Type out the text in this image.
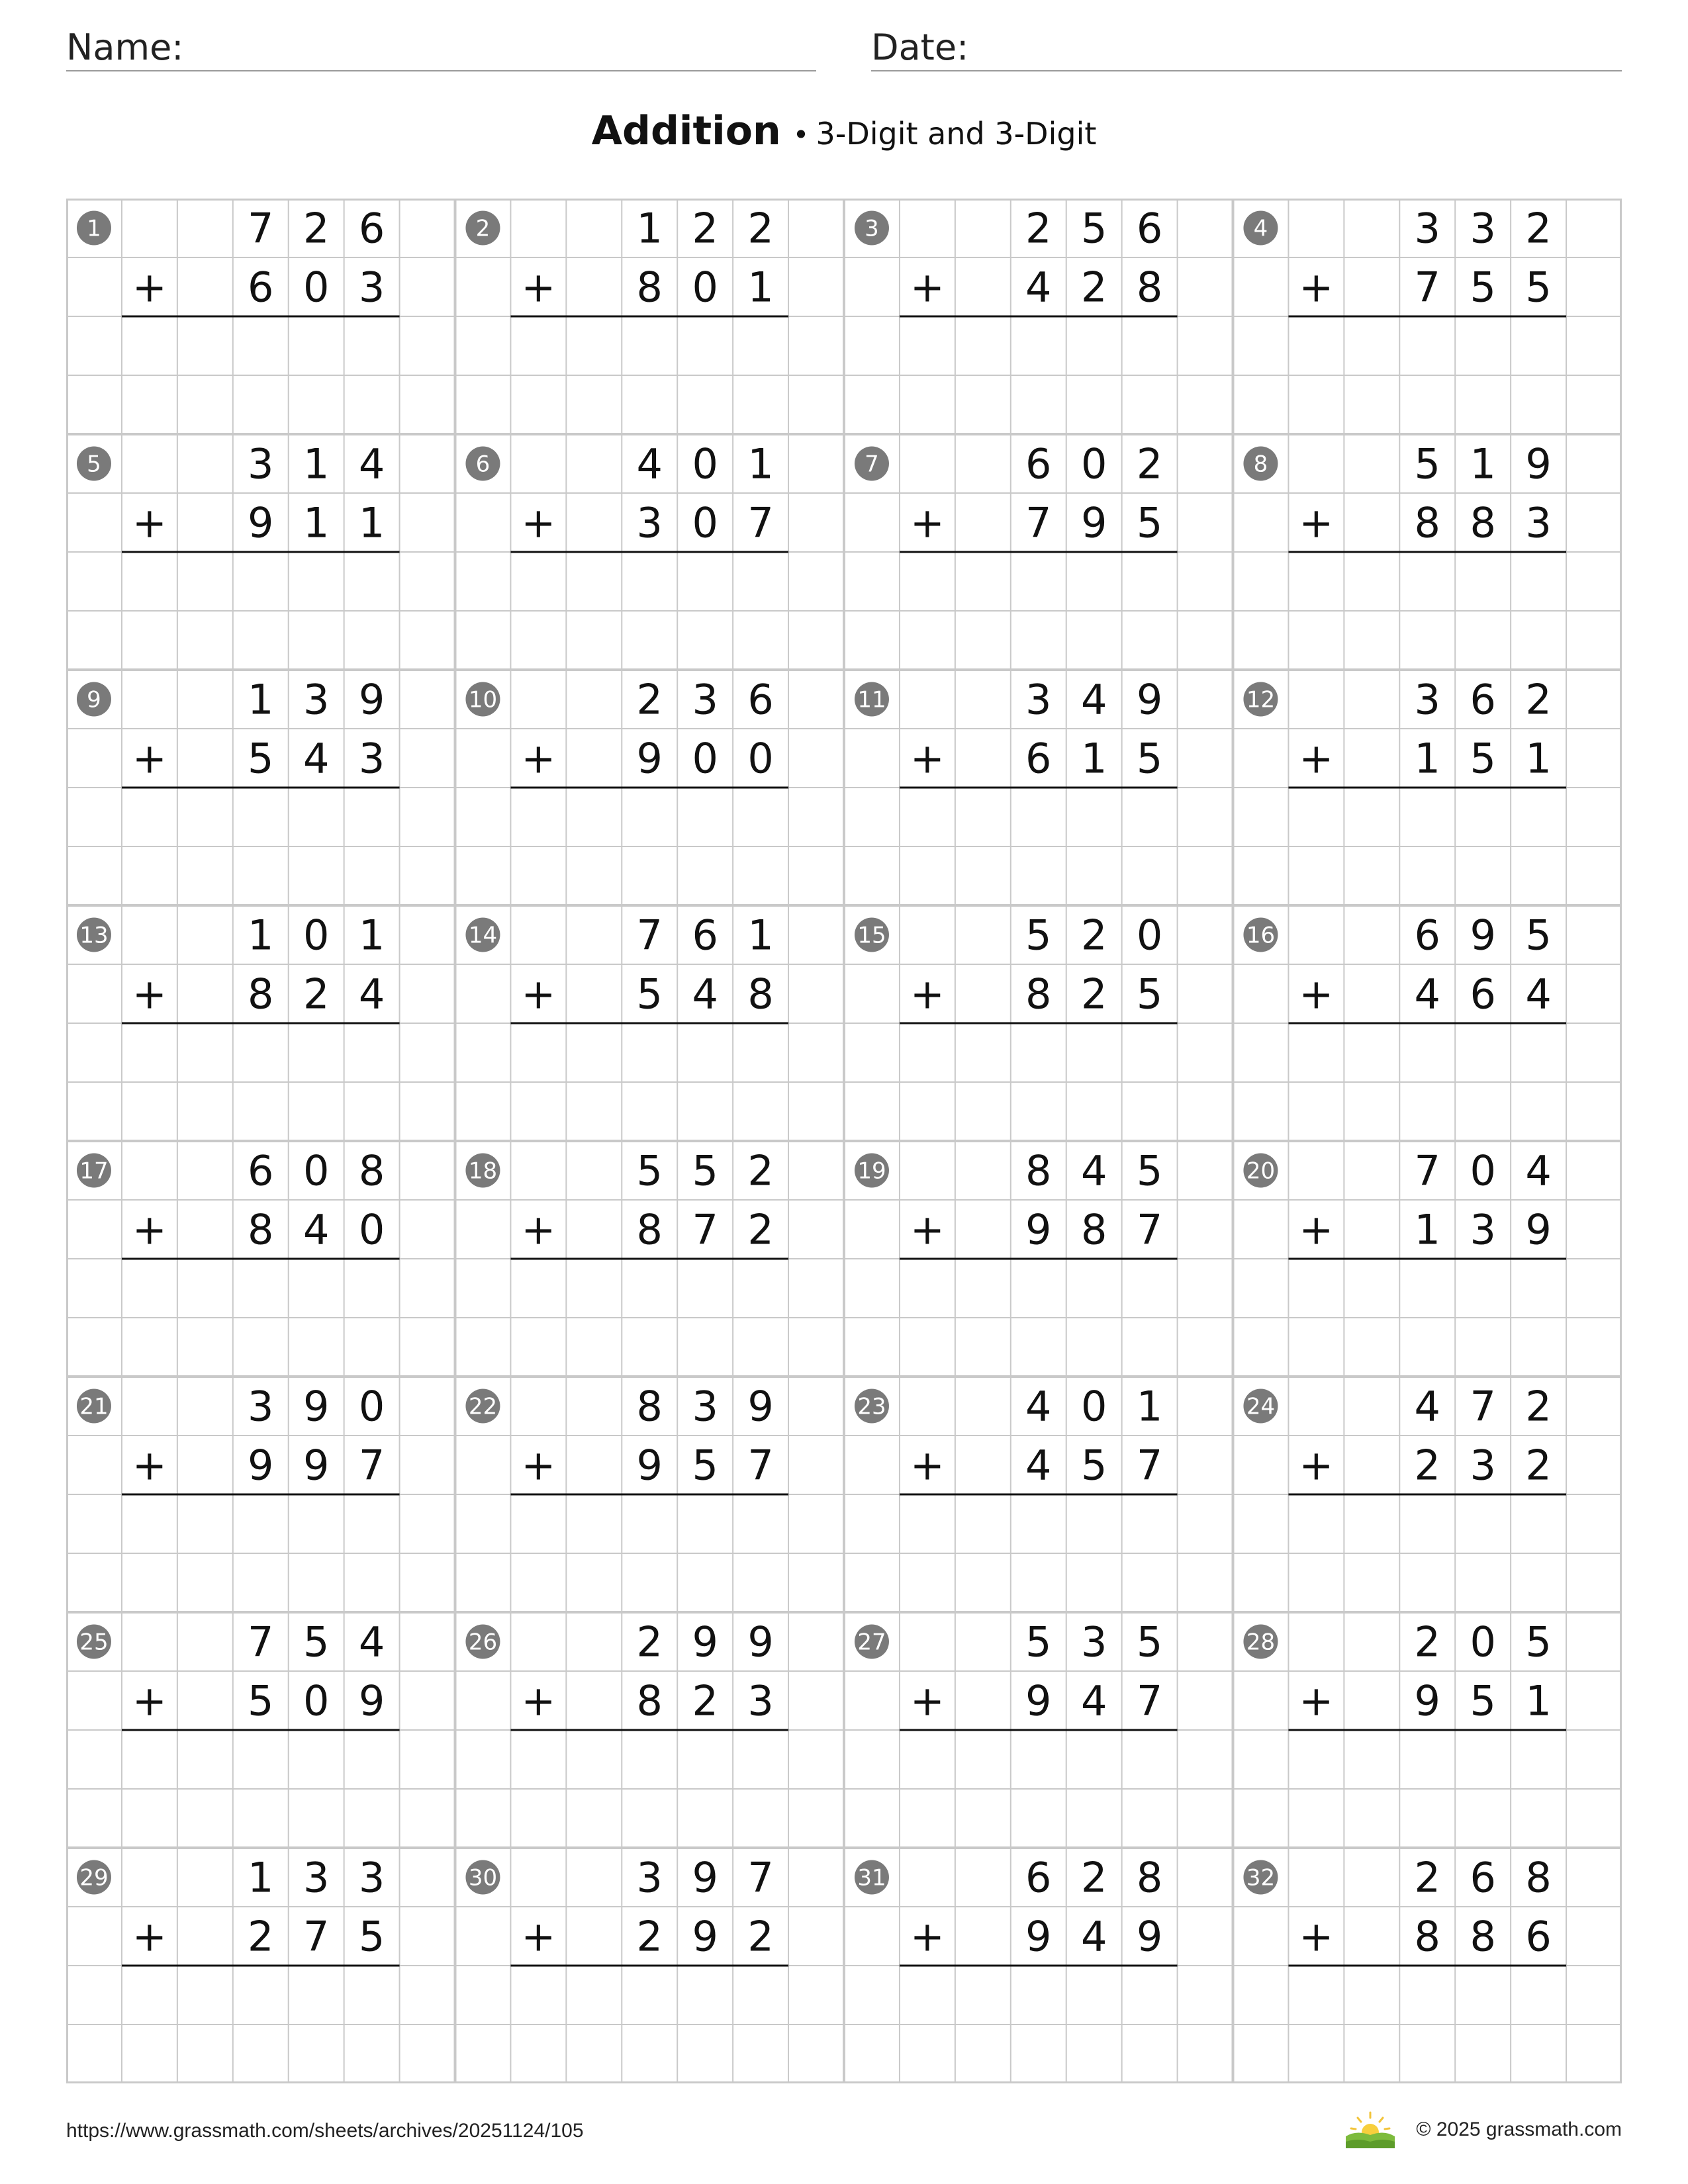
Name:	Date:
Addition • 3-Digit and 3-Digit
1	7 2 6
+ 6 0 3
2	1 2 2
+ 8 0 1
3	2 5 6
+ 4 2 8
4	3 3 2
+ 7 5 5
5	3 1 4
+ 9 1 1
6	4 0 1
+ 3 0 7
7	6 0 2
+ 7 9 5
8	5 1 9
+ 8 8 3
9	1 3 9
+ 5 4 3
10	2 3 6
+ 9 0 0
11	3 4 9
+ 6 1 5
12	3 6 2
+ 1 5 1
13	1 0 1
+ 8 2 4
14	7 6 1
+ 5 4 8
15	5 2 0
+ 8 2 5
16	6 9 5
+ 4 6 4
17	6 0 8
+ 8 4 0
18	5 5 2
+ 8 7 2
19	8 4 5
+ 9 8 7
20	7 0 4
+ 1 3 9
21	3 9 0
+ 9 9 7
22	8 3 9
+ 9 5 7
23	4 0 1
+ 4 5 7
24	4 7 2
+ 2 3 2
25	7 5 4
+ 5 0 9
26	2 9 9
+ 8 2 3
27	5 3 5
+ 9 4 7
28	2 0 5
+ 9 5 1
29	1 3 3
+ 2 7 5
30	3 9 7
+ 2 9 2
31	6 2 8
+ 9 4 9
32	2 6 8
+ 8 8 6
https://www.grassmath.com/sheets/archives/20251124/105	© 2025 grassmath.com
